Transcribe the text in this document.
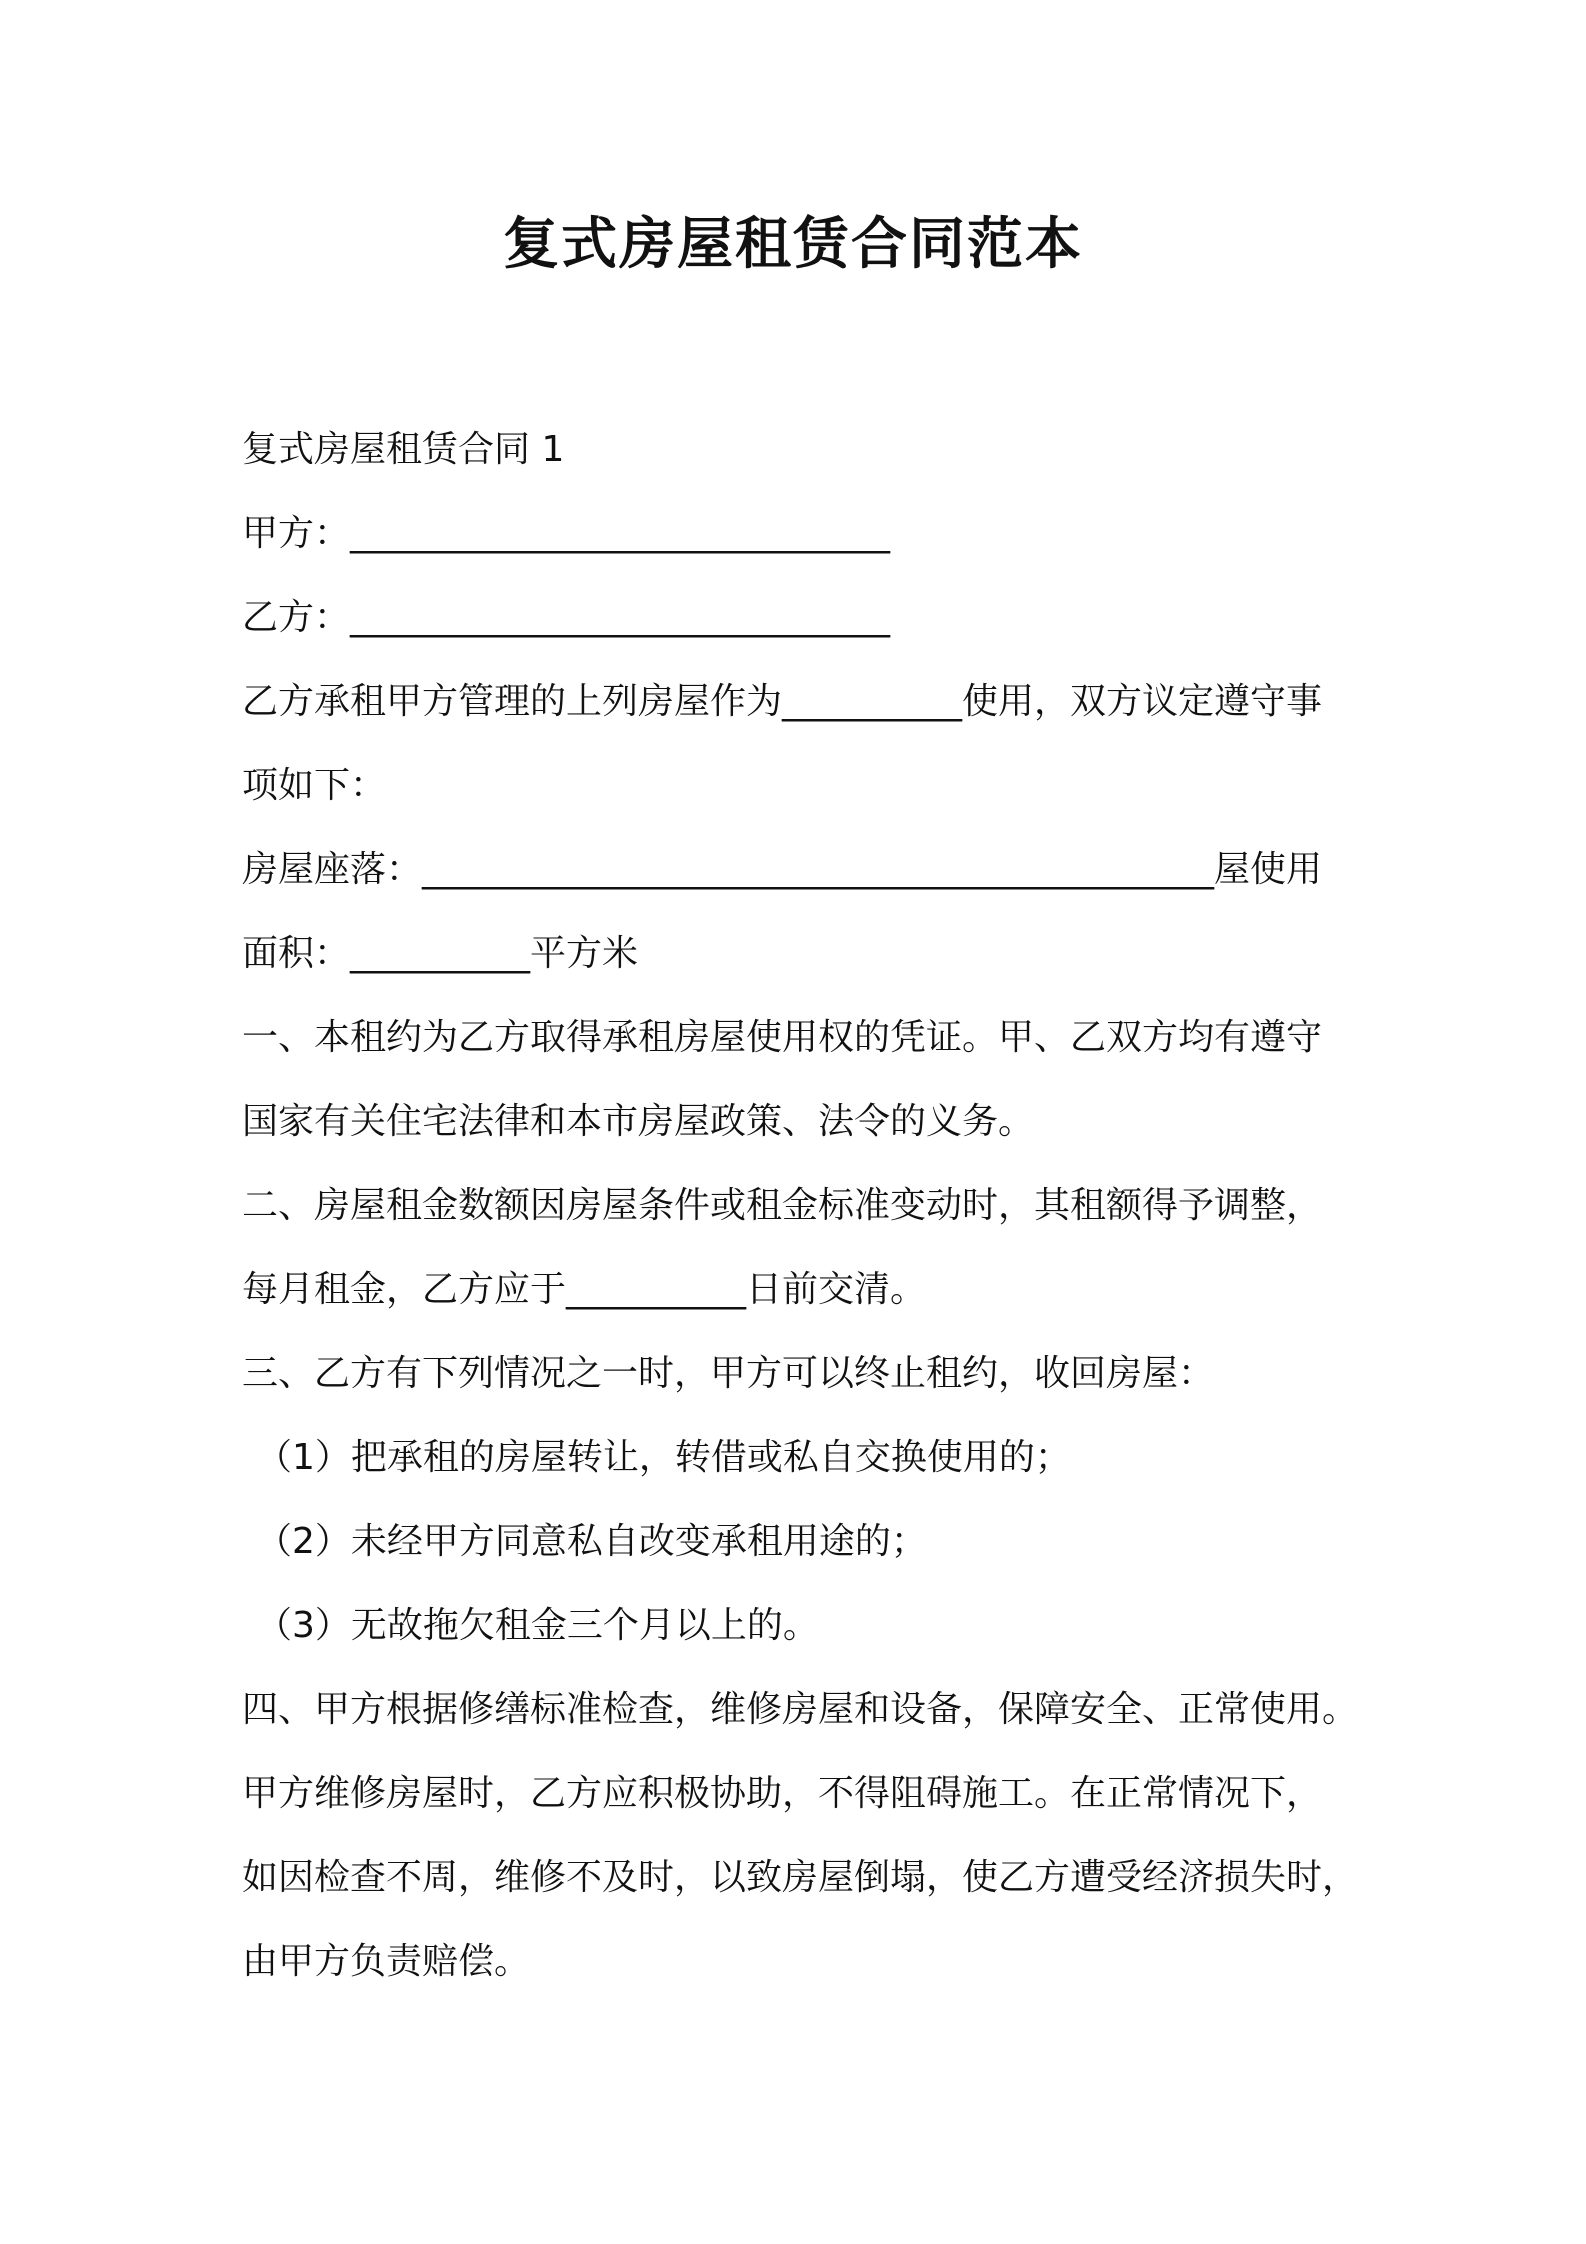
复式房屋租赁合同范本
复式房屋租赁合同 1
甲方：______________________________
乙方：______________________________
乙方承租甲方管理的上列房屋作为__________使用，双方议定遵守事
项如下：
房屋座落：____________________________________________屋使用
面积：__________平方米
一、本租约为乙方取得承租房屋使用权的凭证。甲、乙双方均有遵守
国家有关住宅法律和本市房屋政策、法令的义务。
二、房屋租金数额因房屋条件或租金标准变动时，其租额得予调整，
每月租金，乙方应于__________日前交清。
三、乙方有下列情况之一时，甲方可以终止租约，收回房屋：
（1）把承租的房屋转让，转借或私自交换使用的；
（2）未经甲方同意私自改变承租用途的；
（3）无故拖欠租金三个月以上的。
四、甲方根据修缮标准检查，维修房屋和设备，保障安全、正常使用。
甲方维修房屋时，乙方应积极协助，不得阻碍施工。在正常情况下，
如因检查不周，维修不及时，以致房屋倒塌，使乙方遭受经济损失时，
由甲方负责赔偿。
